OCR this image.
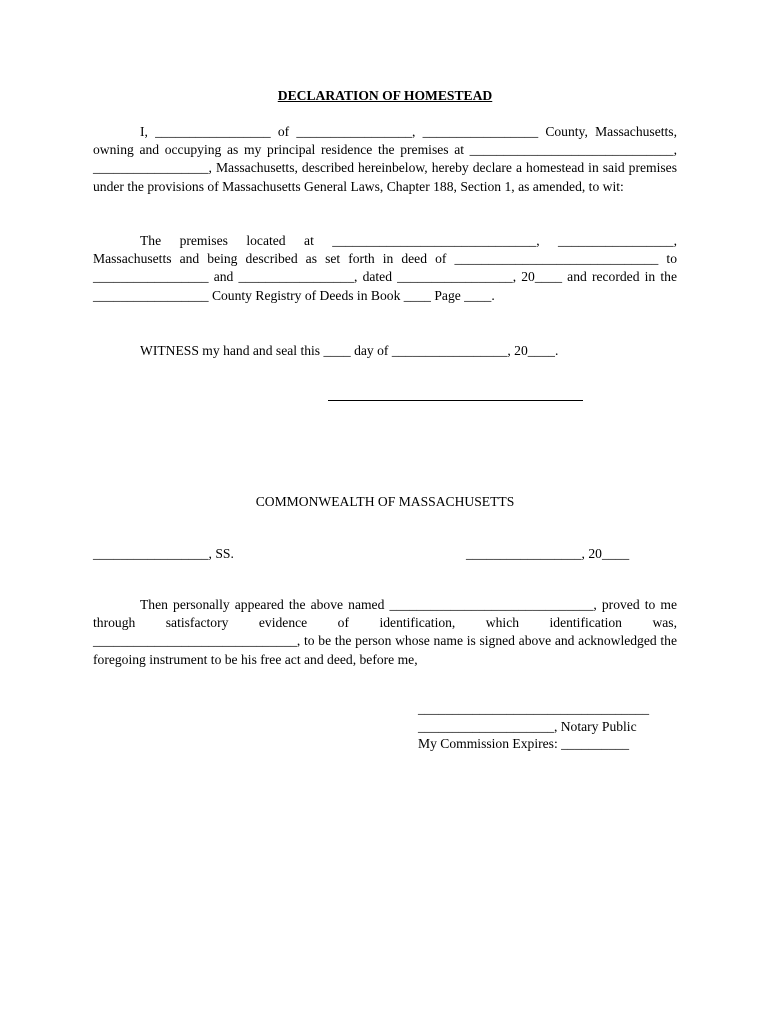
DECLARATION OF HOMESTEAD
I, _________________ of _________________, _________________ County, Massachusetts, owning and occupying as my principal residence the premises at ______________________________, _________________, Massachusetts, described hereinbelow, hereby declare a homestead in said premises under the provisions of Massachusetts General Laws, Chapter 188, Section 1, as amended, to wit:
The premises located at ______________________________, _________________, Massachusetts and being described as set forth in deed of ______________________________ to _________________ and _________________, dated _________________, 20____ and recorded in the _________________ County Registry of Deeds in Book ____ Page ____.
WITNESS my hand and seal this ____ day of _________________, 20____.
COMMONWEALTH OF MASSACHUSETTS
_________________, SS.	_________________, 20____
Then personally appeared the above named ______________________________, proved to me through satisfactory evidence of identification, which identification was, ______________________________, to be the person whose name is signed above and acknowledged the foregoing instrument to be his free act and deed, before me,
__________________________________
____________________, Notary Public
My Commission Expires: __________
